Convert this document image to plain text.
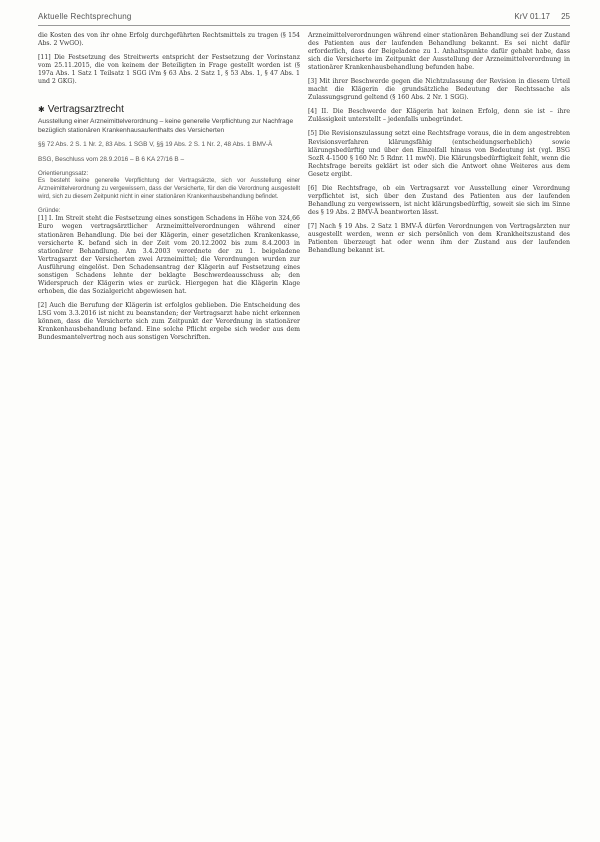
Aktuelle Rechtsprechung	KrV 01.17 25

die Kosten des von ihr ohne Erfolg durchgeführten Rechtsmittels zu tragen (§ 154 Abs. 2 VwGO).

[11] Die Festsetzung des Streitwerts entspricht der Festsetzung der Vorinstanz vom 25.11.2015, die von keinem der Beteiligten in Frage gestellt worden ist (§ 197a Abs. 1 Satz 1 Teilsatz 1 SGG iVm § 63 Abs. 2 Satz 1, § 53 Abs. 1, § 47 Abs. 1 und 2 GKG).

✱ Vertragsarztrecht
Ausstellung einer Arzneimittelverordnung – keine generelle Verpflichtung zur Nachfrage bezüglich stationären Krankenhausaufenthalts des Versicherten
§§ 72 Abs. 2 S. 1 Nr. 2, 83 Abs. 1 SGB V, §§ 19 Abs. 2 S. 1 Nr. 2, 48 Abs. 1 BMV-Ä
BSG, Beschluss vom 28.9.2016 – B 6 KA 27/16 B –
Orientierungssatz:

Es besteht keine generelle Verpflichtung der Vertragsärzte, sich vor Ausstellung einer Arzneimittelverordnung zu vergewissern, dass der Versicherte, für den die Verordnung ausgestellt wird, sich zu diesem Zeitpunkt nicht in einer stationären Krankenhausbehandlung befindet.

Gründe:

[1] I. Im Streit steht die Festsetzung eines sonstigen Schadens in Höhe von 324,66 Euro wegen vertragsärztlicher Arzneimittelverordnungen während einer stationären Behandlung. Die bei der Klägerin, einer gesetzlichen Krankenkasse, versicherte K. befand sich in der Zeit vom 20.12.2002 bis zum 8.4.2003 in stationärer Behandlung. Am 3.4.2003 verordnete der zu 1. beigeladene Vertragsarzt der Versicherten zwei Arzneimittel; die Verordnungen wurden zur Ausführung eingelöst. Den Schadensantrag der Klägerin auf Festsetzung eines sonstigen Schadens lehnte der beklagte Beschwerdeausschuss ab; den Widerspruch der Klägerin wies er zurück. Hiergegen hat die Klägerin Klage erhoben, die das Sozialgericht abgewiesen hat.

[2] Auch die Berufung der Klägerin ist erfolglos geblieben. Die Entscheidung des LSG vom 3.3.2016 ist nicht zu beanstanden; der Vertragsarzt habe nicht erkennen können, dass die Versicherte sich zum Zeitpunkt der Verordnung in stationärer Krankenhausbehandlung befand. Eine solche Pflicht ergebe sich weder aus dem Bundesmantelvertrag noch aus sonstigen Vorschriften.

Arzneimittelverordnungen während einer stationären Behandlung sei der Zustand des Patienten aus der laufenden Behandlung bekannt. Es sei nicht dafür erforderlich, dass der Beigeladene zu 1. Anhaltspunkte dafür gehabt habe, dass sich die Versicherte im Zeitpunkt der Ausstellung der Arzneimittelverordnung in stationärer Krankenhausbehandlung befunden habe.

[3] Mit ihrer Beschwerde gegen die Nichtzulassung der Revision in diesem Urteil macht die Klägerin die grundsätzliche Bedeutung der Rechtssache als Zulassungsgrund geltend (§ 160 Abs. 2 Nr. 1 SGG).

[4] II. Die Beschwerde der Klägerin hat keinen Erfolg, denn sie ist – ihre Zulässigkeit unterstellt – jedenfalls unbegründet.

[5] Die Revisionszulassung setzt eine Rechtsfrage voraus, die in dem angestrebten Revisionsverfahren klärungsfähig (entscheidungserheblich) sowie klärungsbedürftig und über den Einzelfall hinaus von Bedeutung ist (vgl. BSG SozR 4-1500 § 160 Nr. 5 Rdnr. 11 mwN). Die Klärungsbedürftigkeit fehlt, wenn die Rechtsfrage bereits geklärt ist oder sich die Antwort ohne Weiteres aus dem Gesetz ergibt.

[6] Die Rechtsfrage, ob ein Vertragsarzt vor Ausstellung einer Verordnung verpflichtet ist, sich über den Zustand des Patienten aus der laufenden Behandlung zu vergewissern, ist nicht klärungsbedürftig, soweit sie sich im Sinne des § 19 Abs. 2 BMV-Ä beantworten lässt.

[7] Nach § 19 Abs. 2 Satz 1 BMV-Ä dürfen Verordnungen von Vertragsärzten nur ausgestellt werden, wenn er sich persönlich von dem Krankheitszustand des Patienten überzeugt hat oder wenn ihm der Zustand aus der laufenden Behandlung bekannt ist.
